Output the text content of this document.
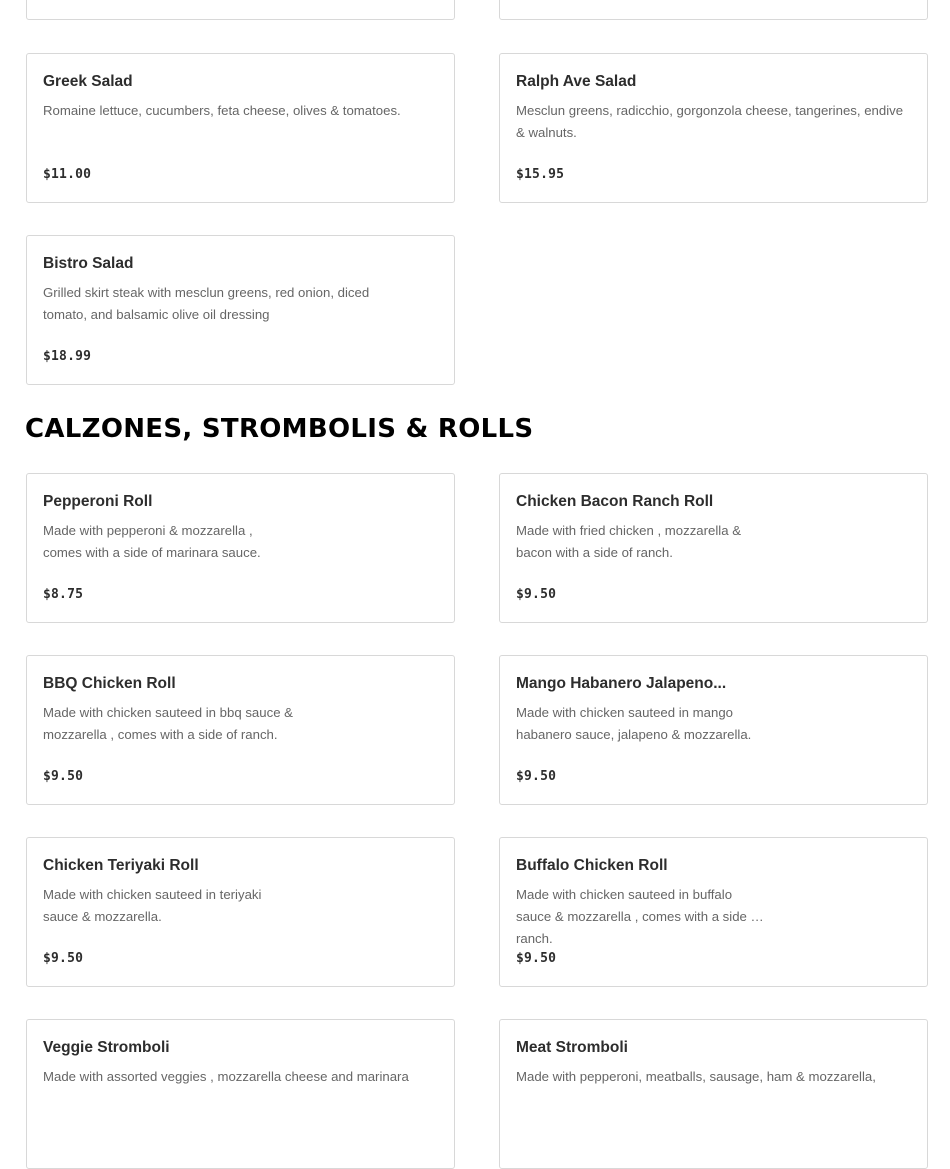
Greek Salad
Romaine lettuce, cucumbers, feta cheese, olives & tomatoes.
$11.00
Ralph Ave Salad
Mesclun greens, radicchio, gorgonzola cheese, tangerines, endive & walnuts.
$15.95
Bistro Salad
Grilled skirt steak with mesclun greens, red onion, diced tomato, and balsamic olive oil dressing
$18.99
CALZONES, STROMBOLIS & ROLLS
Pepperoni Roll
Made with pepperoni & mozzarella , comes with a side of marinara sauce.
$8.75
Chicken Bacon Ranch Roll
Made with fried chicken , mozzarella & bacon with a side of ranch.
$9.50
BBQ Chicken Roll
Made with chicken sauteed in bbq sauce & mozzarella , comes with a side of ranch.
$9.50
Mango Habanero Jalapeno...
Made with chicken sauteed in mango habanero sauce, jalapeno & mozzarella.
$9.50
Chicken Teriyaki Roll
Made with chicken sauteed in teriyaki sauce & mozzarella.
$9.50
Buffalo Chicken Roll
Made with chicken sauteed in buffalo sauce & mozzarella , comes with a side of ranch.
$9.50
Veggie Stromboli
Made with assorted veggies , mozzarella cheese and marinara
Meat Stromboli
Made with pepperoni, meatballs, sausage, ham & mozzarella,
